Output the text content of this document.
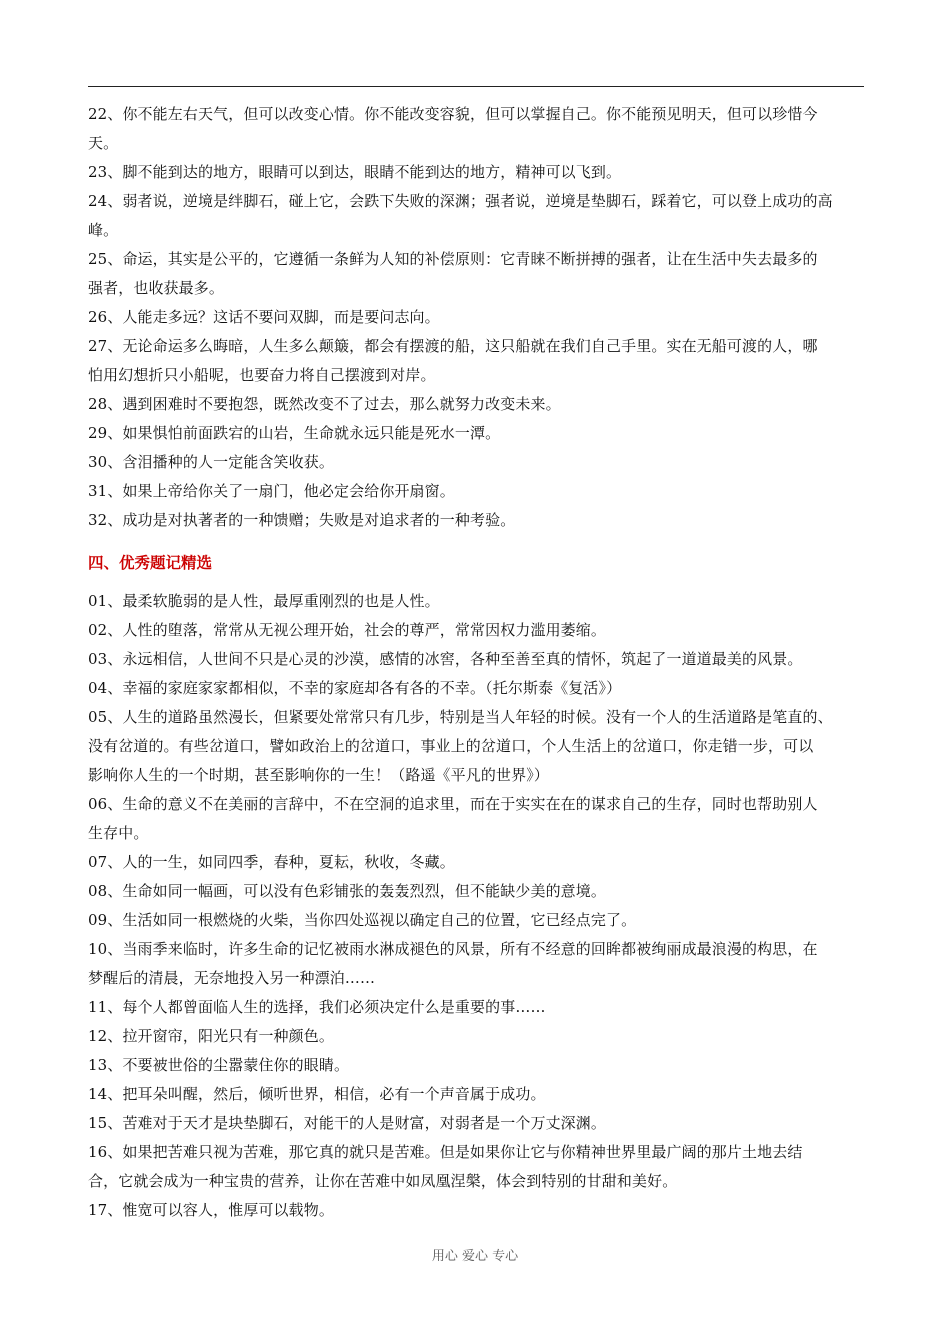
22、你不能左右天气，但可以改变心情。你不能改变容貌，但可以掌握自己。你不能预见明天，但可以珍惜今
天。
23、脚不能到达的地方，眼睛可以到达，眼睛不能到达的地方，精神可以飞到。
24、弱者说，逆境是绊脚石，碰上它，会跌下失败的深渊；强者说，逆境是垫脚石，踩着它，可以登上成功的高
峰。
25、命运，其实是公平的，它遵循一条鲜为人知的补偿原则：它青睐不断拼搏的强者，让在生活中失去最多的
强者，也收获最多。
26、人能走多远？这话不要问双脚，而是要问志向。
27、无论命运多么晦暗，人生多么颠簸，都会有摆渡的船，这只船就在我们自己手里。实在无船可渡的人，哪
怕用幻想折只小船呢，也要奋力将自己摆渡到对岸。
28、遇到困难时不要抱怨，既然改变不了过去，那么就努力改变未来。
29、如果惧怕前面跌宕的山岩，生命就永远只能是死水一潭。
30、含泪播种的人一定能含笑收获。
31、如果上帝给你关了一扇门，他必定会给你开扇窗。
32、成功是对执著者的一种馈赠；失败是对追求者的一种考验。
四、优秀题记精选
01、最柔软脆弱的是人性，最厚重刚烈的也是人性。
02、人性的堕落，常常从无视公理开始，社会的尊严，常常因权力滥用萎缩。
03、永远相信，人世间不只是心灵的沙漠，感情的冰窖，各种至善至真的情怀，筑起了一道道最美的风景。
04、幸福的家庭家家都相似，不幸的家庭却各有各的不幸。（托尔斯泰《复活》）
05、人生的道路虽然漫长，但紧要处常常只有几步，特别是当人年轻的时候。没有一个人的生活道路是笔直的、
没有岔道的。有些岔道口，譬如政治上的岔道口，事业上的岔道口，个人生活上的岔道口，你走错一步，可以
影响你人生的一个时期，甚至影响你的一生！（路遥《平凡的世界》）
06、生命的意义不在美丽的言辞中，不在空洞的追求里，而在于实实在在的谋求自己的生存，同时也帮助别人
生存中。
07、人的一生，如同四季，春种，夏耘，秋收，冬藏。
08、生命如同一幅画，可以没有色彩铺张的轰轰烈烈，但不能缺少美的意境。
09、生活如同一根燃烧的火柴，当你四处巡视以确定自己的位置，它已经点完了。
10、当雨季来临时，许多生命的记忆被雨水淋成褪色的风景，所有不经意的回眸都被绚丽成最浪漫的构思，在
梦醒后的清晨，无奈地投入另一种漂泊……
11、每个人都曾面临人生的选择，我们必须决定什么是重要的事……
12、拉开窗帘，阳光只有一种颜色。
13、不要被世俗的尘嚣蒙住你的眼睛。
14、把耳朵叫醒，然后，倾听世界，相信，必有一个声音属于成功。
15、苦难对于天才是块垫脚石，对能干的人是财富，对弱者是一个万丈深渊。
16、如果把苦难只视为苦难，那它真的就只是苦难。但是如果你让它与你精神世界里最广阔的那片土地去结
合，它就会成为一种宝贵的营养，让你在苦难中如凤凰涅槃，体会到特别的甘甜和美好。
17、惟宽可以容人，惟厚可以载物。
用心 爱心 专心
